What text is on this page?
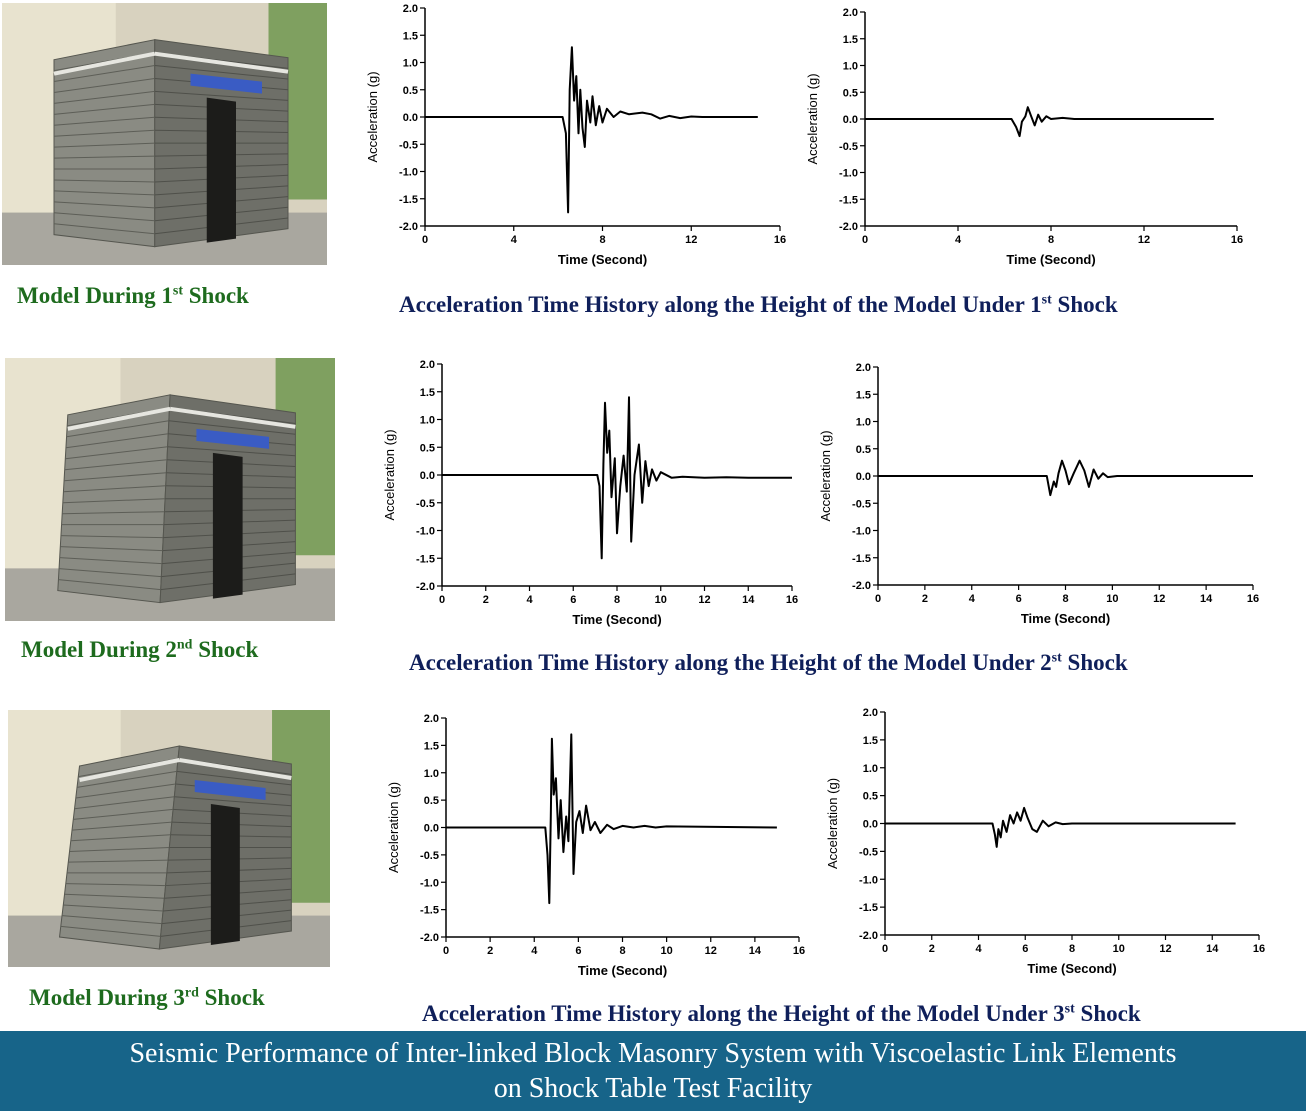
Model During 1st Shock
Model During 2nd Shock
Model During 3rd Shock
2.0
1.5
1.0
0.5
0.0
-0.5
-1.0
-1.5
-2.0
0	4	8	12	16
Time (Second)
Acceleration (g)
2.0
1.5
1.0
0.5
0.0
-0.5
-1.0
-1.5
-2.0
0	4	8	12	16
Time (Second)
Acceleration (g)
2.0
1.5
1.0
0.5
0.0
-0.5
-1.0
-1.5
-2.0
0	2	4	6	8	10	12	14	16
Time (Second)
Acceleration (g)
2.0
1.5
1.0
0.5
0.0
-0.5
-1.0
-1.5
-2.0
0	2	4	6	8	10	12	14	16
Time (Second)
Acceleration (g)
2.0
1.5
1.0
0.5
0.0
-0.5
-1.0
-1.5
-2.0
0	2	4	6	8	10	12	14	16
Time (Second)
Acceleration (g)
2.0
1.5
1.0
0.5
0.0
-0.5
-1.0
-1.5
-2.0
0	2	4	6	8	10	12	14	16
Time (Second)
Acceleration (g)
Acceleration Time History along the Height of the Model Under 1st Shock
Acceleration Time History along the Height of the Model Under 2st Shock
Acceleration Time History along the Height of the Model Under 3st Shock
Seismic Performance of Inter-linked Block Masonry System with Viscoelastic Link Elements
on Shock Table Test Facility
